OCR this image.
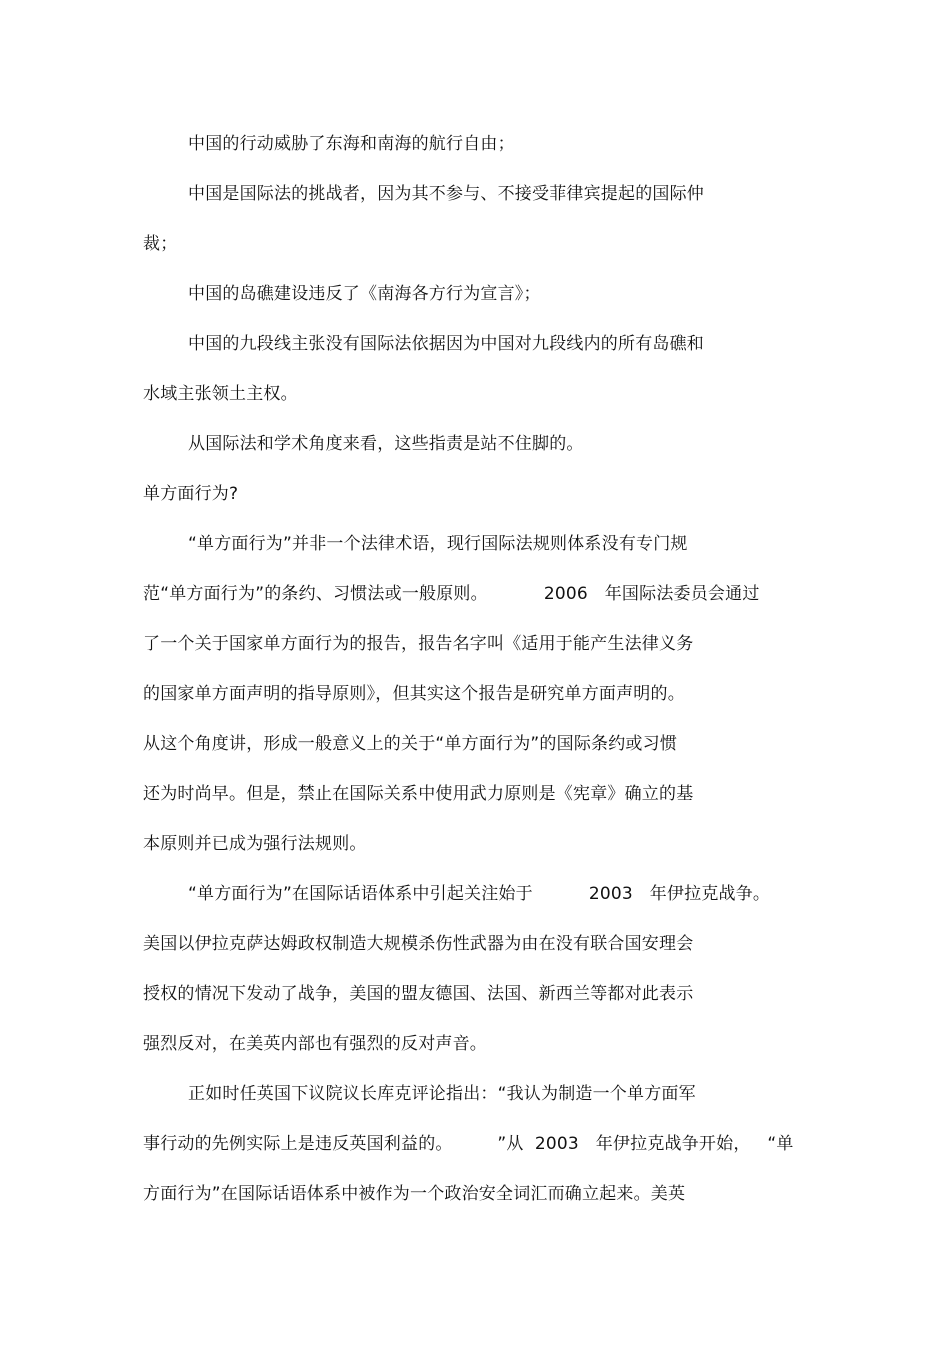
中国的行动威胁了东海和南海的航行自由；
中国是国际法的挑战者，因为其不参与、不接受菲律宾提起的国际仲
裁；
中国的岛礁建设违反了《南海各方行为宣言》；
中国的九段线主张没有国际法依据因为中国对九段线内的所有岛礁和
水域主张领土主权。
从国际法和学术角度来看，这些指责是站不住脚的。
单方面行为?
“单方面行为”并非一个法律术语，现行国际法规则体系没有专门规
范“单方面行为”的条约、习惯法或一般原则。          2006   年国际法委员会通过
了一个关于国家单方面行为的报告，报告名字叫《适用于能产生法律义务
的国家单方面声明的指导原则》，但其实这个报告是研究单方面声明的。
从这个角度讲，形成一般意义上的关于“单方面行为”的国际条约或习惯
还为时尚早。但是，禁止在国际关系中使用武力原则是《宪章》确立的基
本原则并已成为强行法规则。
“单方面行为”在国际话语体系中引起关注始于          2003   年伊拉克战争。
美国以伊拉克萨达姆政权制造大规模杀伤性武器为由在没有联合国安理会
授权的情况下发动了战争，美国的盟友德国、法国、新西兰等都对此表示
强烈反对，在美英内部也有强烈的反对声音。
正如时任英国下议院议长库克评论指出：“我认为制造一个单方面军
事行动的先例实际上是违反英国利益的。        ”从  2003   年伊拉克战争开始，   “单
方面行为”在国际话语体系中被作为一个政治安全词汇而确立起来。美英
